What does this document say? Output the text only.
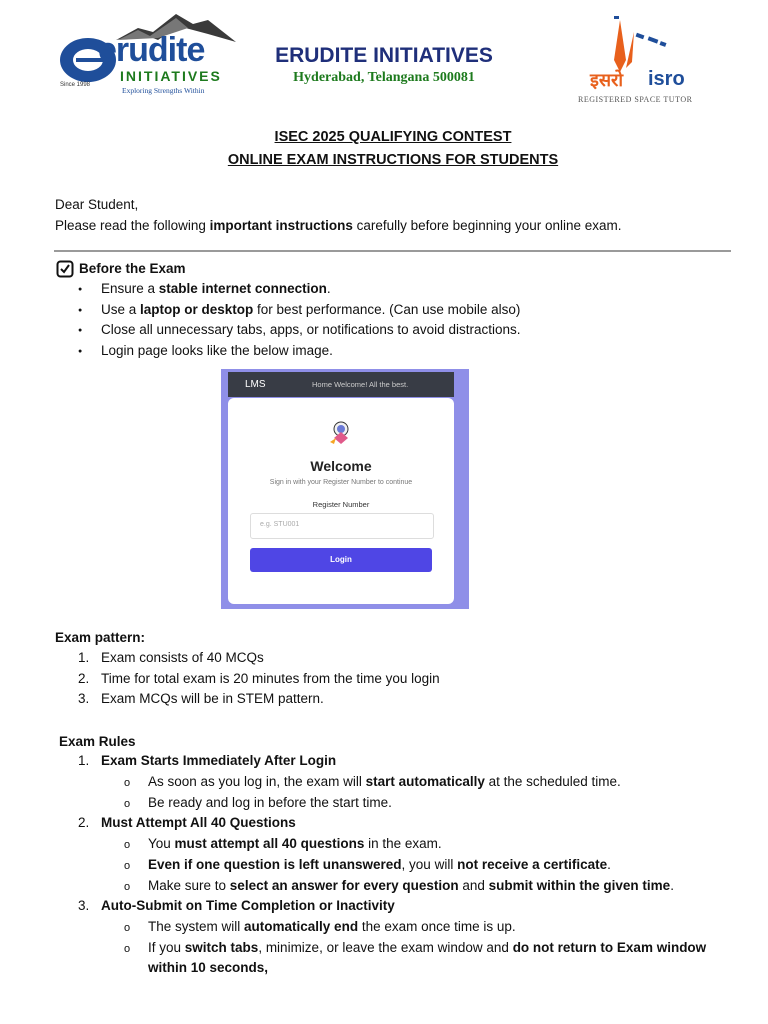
erudite
INITIATIVES
Since 1998
Exploring Strengths Within
ERUDITE INITIATIVES
Hyderabad, Telangana 500081	इसरो isro
REGISTERED SPACE TUTOR
ISEC 2025 QUALIFYING CONTEST
ONLINE EXAM INSTRUCTIONS FOR STUDENTS
Dear Student,
Please read the following important instructions carefully before beginning your online exam.
Before the Exam
● Ensure a stable internet connection.
● Use a laptop or desktop for best performance. (Can use mobile also)
● Close all unnecessary tabs, apps, or notifications to avoid distractions.
● Login page looks like the below image.
LMS	Home Welcome! All the best.
Welcome
Sign in with your Register Number to continue
Register Number
e.g. STU001
Login
Exam pattern:
1. Exam consists of 40 MCQs
2. Time for total exam is 20 minutes from the time you login
3. Exam MCQs will be in STEM pattern.
Exam Rules
1. Exam Starts Immediately After Login
o As soon as you log in, the exam will start automatically at the scheduled time.
o Be ready and log in before the start time.
2. Must Attempt All 40 Questions
o You must attempt all 40 questions in the exam.
o Even if one question is left unanswered, you will not receive a certificate.
o Make sure to select an answer for every question and submit within the given time.
3. Auto-Submit on Time Completion or Inactivity
o The system will automatically end the exam once time is up.
o If you switch tabs, minimize, or leave the exam window and do not return to Exam window
within 10 seconds,
